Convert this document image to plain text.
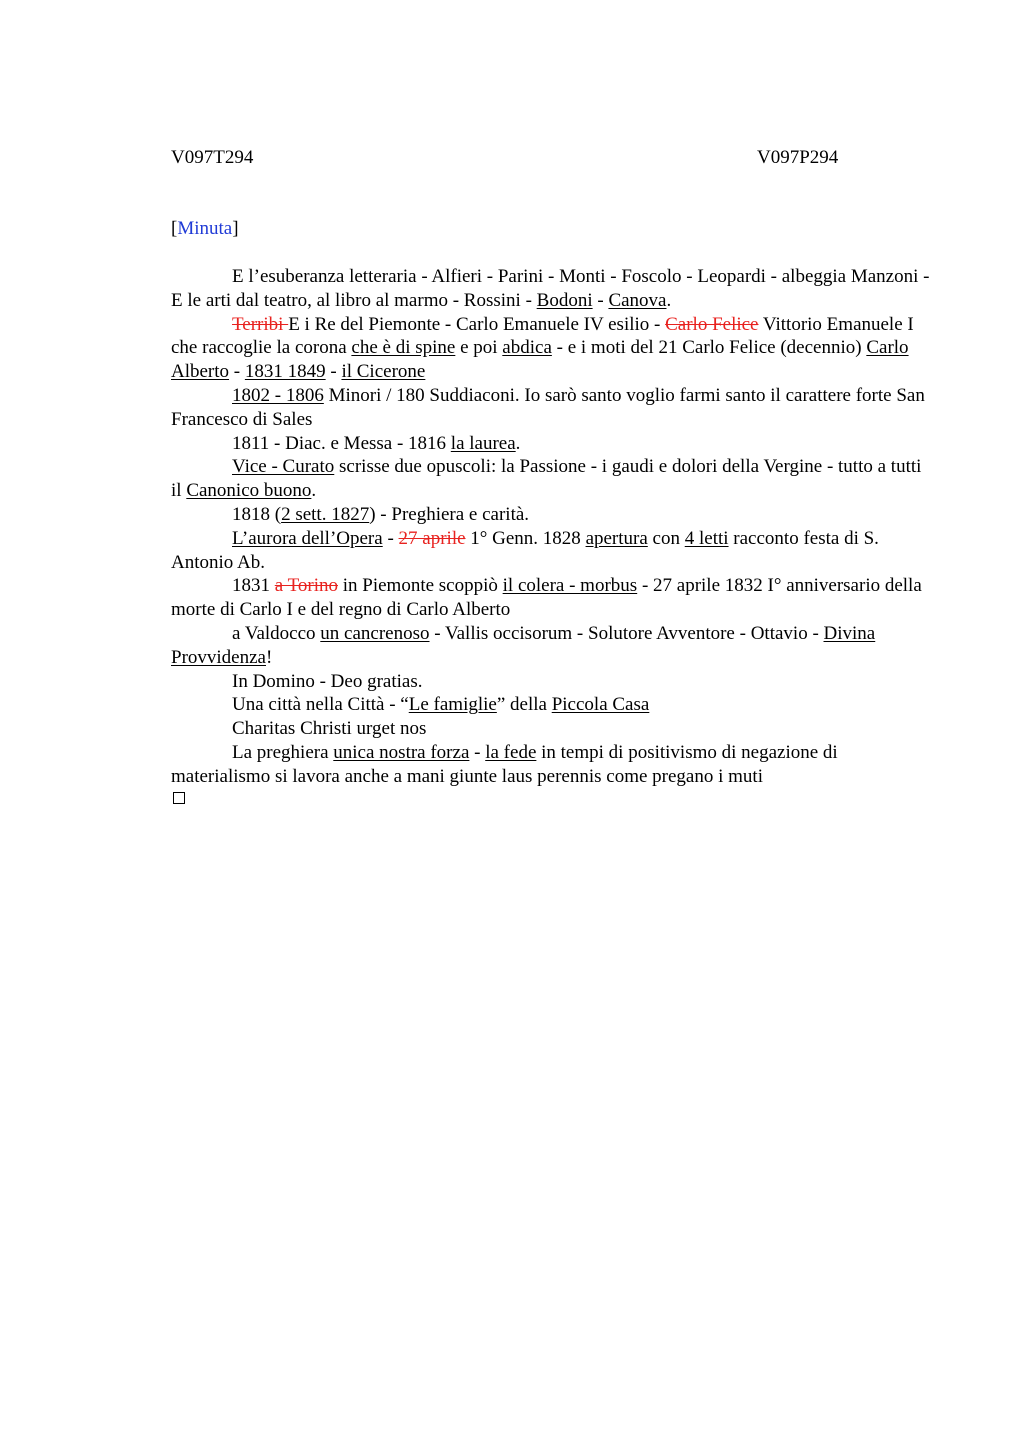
V097T294	V097P294
[Minuta]

E l’esuberanza letteraria - Alfieri - Parini - Monti - Foscolo - Leopardi - albeggia Manzoni - E le arti dal teatro, al libro al marmo - Rossini - Bodoni - Canova.

Terribi E i Re del Piemonte - Carlo Emanuele IV esilio - Carlo Felice Vittorio Emanuele I che raccoglie la corona che è di spine e poi abdica - e i moti del 21 Carlo Felice (decennio) Carlo Alberto - 1831 1849 - il Cicerone

1802 - 1806 Minori / 180 Suddiaconi. Io sarò santo voglio farmi santo il carattere forte San Francesco di Sales

1811 - Diac. e Messa - 1816 la laurea.

Vice - Curato scrisse due opuscoli: la Passione - i gaudi e dolori della Vergine - tutto a tutti il Canonico buono.

1818 (2 sett. 1827) - Preghiera e carità.

L’aurora dell’Opera - 27 aprile 1° Genn. 1828 apertura con 4 letti racconto festa di S. Antonio Ab.

1831 a Torino in Piemonte scoppiò il colera - morbus - 27 aprile 1832 I° anniversario della morte di Carlo I e del regno di Carlo Alberto

a Valdocco un cancrenoso - Vallis occisorum - Solutore Avventore - Ottavio - Divina Provvidenza!

In Domino - Deo gratias.

Una città nella Città - “Le famiglie” della Piccola Casa

Charitas Christi urget nos

La preghiera unica nostra forza - la fede in tempi di positivismo di negazione di materialismo si lavora anche a mani giunte laus perennis come pregano i muti
